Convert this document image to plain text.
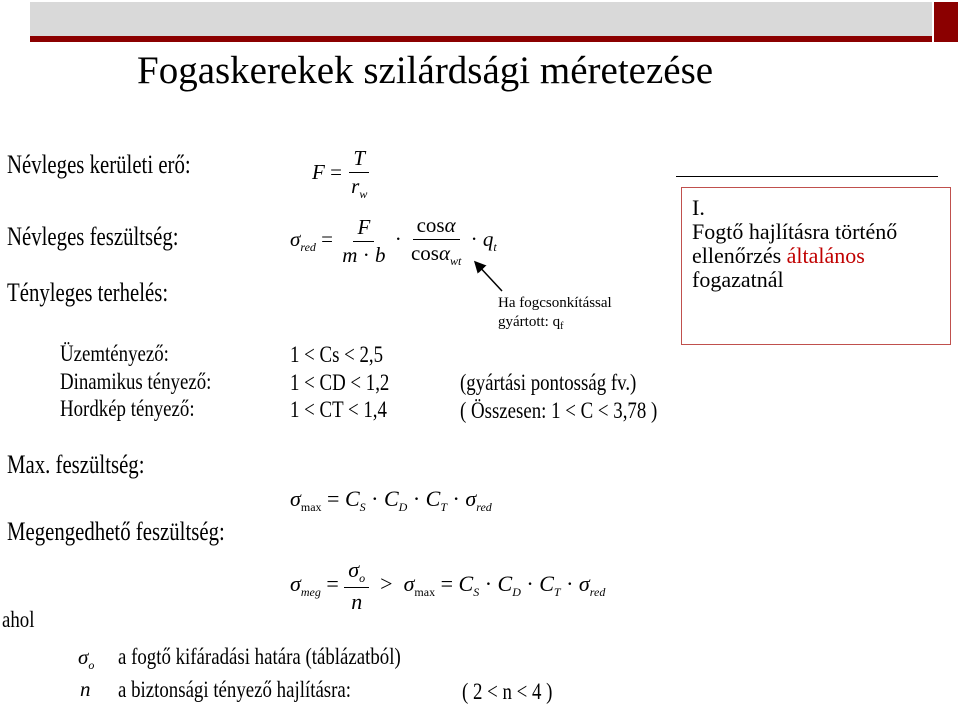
Fogaskerekek szilárdsági méretezése
Névleges kerületi erő:
Névleges feszültség:
Tényleges terhelés:
Üzemtényező:
Dinamikus tényező:
Hordkép tényező:
Max. feszültség:
Megengedhető feszültség:
ahol
$F = \frac{T}{r_w}$
$\sigma_{red} = \frac{F}{m \cdot b} \cdot \frac{\cos\alpha}{\cos\alpha_{wt}} \cdot q_t$
1 < Cs < 2,5
1 < CD < 1,2
1 < CT < 1,4
(gyártási pontosság fv.)
( Összesen: 1 < C < 3,78 )
Ha fogcsonkítással
gyártott: $q_f$
I.
Fogtő hajlításra történő
ellenőrzés általános
fogazatnál
$\sigma_{max} = C_S \cdot C_D \cdot C_T \cdot \sigma_{red}$
$\sigma_{meg} = \frac{\sigma_o}{n} > \sigma_{max} = C_S \cdot C_D \cdot C_T \cdot \sigma_{red}$
$\sigma_o$ a fogtő kifáradási határa (táblázatból)
n a biztonsági tényező hajlításra:	( 2 < n < 4 )
